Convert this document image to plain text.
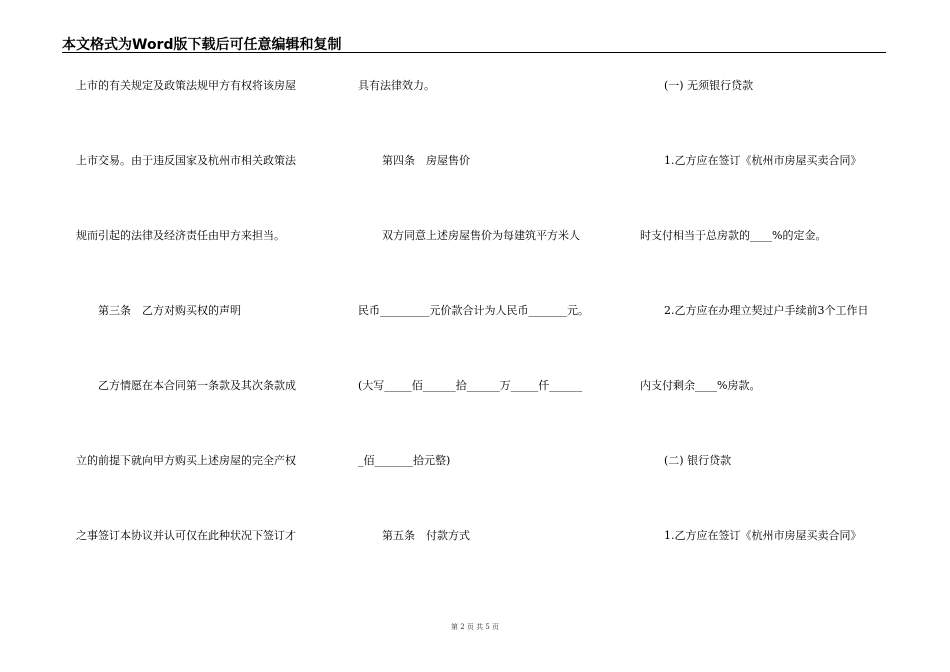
本文格式为Word版下载后可任意编辑和复制
上市的有关规定及政策法规甲方有权将该房屋
上市交易。由于违反国家及杭州市相关政策法
规而引起的法律及经济责任由甲方来担当。
第三条　乙方对购买权的声明
乙方情愿在本合同第一条款及其次条款成
立的前提下就向甲方购买上述房屋的完全产权
之事签订本协议并认可仅在此种状况下签订才
具有法律效力。
第四条　房屋售价
双方同意上述房屋售价为每建筑平方米人
民币_________元价款合计为人民币_______元。
(大写_____佰______拾______万_____仟______
_佰_______拾元整)
第五条　付款方式
(一) 无须银行贷款
1.乙方应在签订《杭州市房屋买卖合同》
时支付相当于总房款的____%的定金。
2.乙方应在办理立契过户手续前3个工作日
内支付剩余____%房款。
(二) 银行贷款
1.乙方应在签订《杭州市房屋买卖合同》
第 2 页 共 5 页
